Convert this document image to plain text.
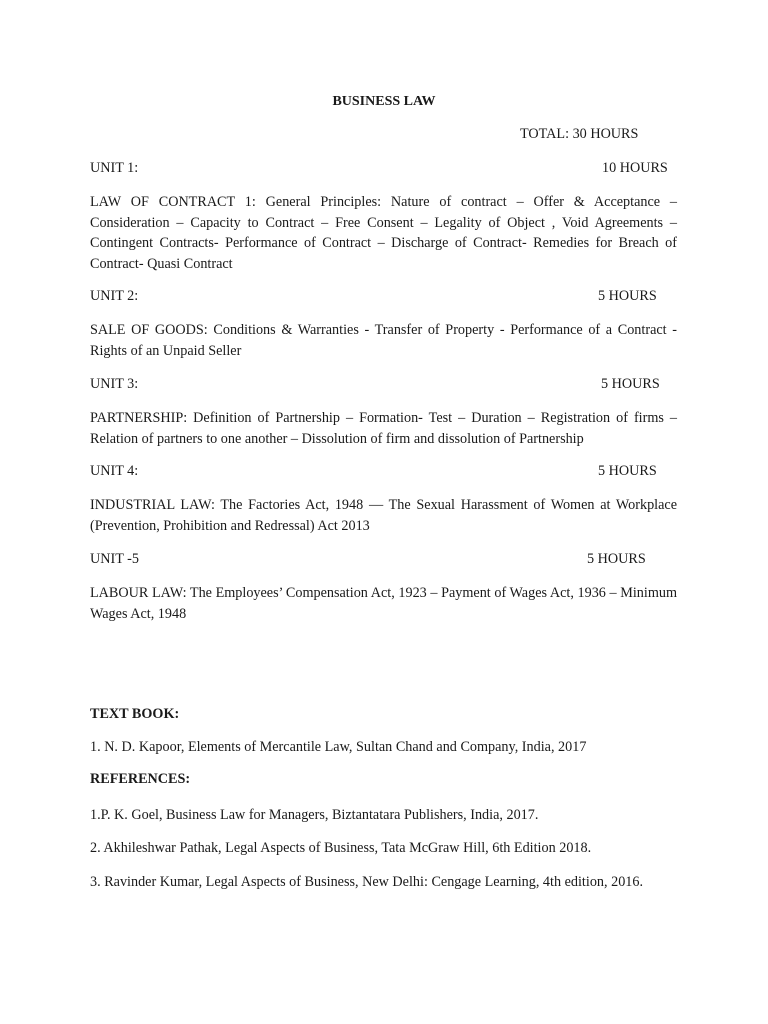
BUSINESS LAW
TOTAL: 30 HOURS
UNIT 1:	10 HOURS
LAW OF CONTRACT 1: General Principles: Nature of contract – Offer & Acceptance – Consideration – Capacity to Contract – Free Consent – Legality of Object , Void Agreements – Contingent Contracts- Performance of Contract – Discharge of Contract- Remedies for Breach of Contract- Quasi Contract
UNIT 2:	5 HOURS
SALE OF GOODS: Conditions & Warranties - Transfer of Property - Performance of a Contract - Rights of an Unpaid Seller
UNIT 3:	5 HOURS
PARTNERSHIP: Definition of Partnership – Formation- Test – Duration – Registration of firms – Relation of partners to one another – Dissolution of firm and dissolution of Partnership
UNIT 4:	5 HOURS
INDUSTRIAL LAW: The Factories Act, 1948 — The Sexual Harassment of Women at Workplace (Prevention, Prohibition and Redressal) Act 2013
UNIT -5	5 HOURS
LABOUR LAW: The Employees’ Compensation Act, 1923 – Payment of Wages Act, 1936 – Minimum Wages Act, 1948
TEXT BOOK:
1. N. D. Kapoor, Elements of Mercantile Law, Sultan Chand and Company, India, 2017
REFERENCES:
1.P. K. Goel, Business Law for Managers, Biztantatara Publishers, India, 2017.
2. Akhileshwar Pathak, Legal Aspects of Business, Tata McGraw Hill, 6th Edition 2018.
3. Ravinder Kumar, Legal Aspects of Business, New Delhi: Cengage Learning, 4th edition, 2016.
